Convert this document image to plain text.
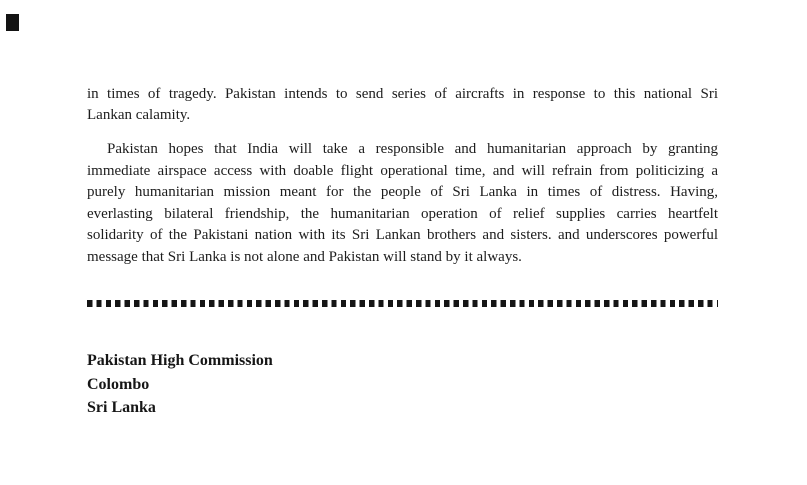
in times of tragedy. Pakistan intends to send series of aircrafts in response to this national Sri
Lankan calamity.
Pakistan hopes that India will take a responsible and humanitarian approach by granting
immediate airspace access with doable flight operational time, and will refrain from politicizing a
purely humanitarian mission meant for the people of Sri Lanka in times of distress. Having,
everlasting bilateral friendship, the humanitarian operation of relief supplies carries heartfelt
solidarity of the Pakistani nation with its Sri Lankan brothers and sisters. and underscores powerful
message that Sri Lanka is not alone and Pakistan will stand by it always.
Pakistan High Commission
Colombo
Sri Lanka
